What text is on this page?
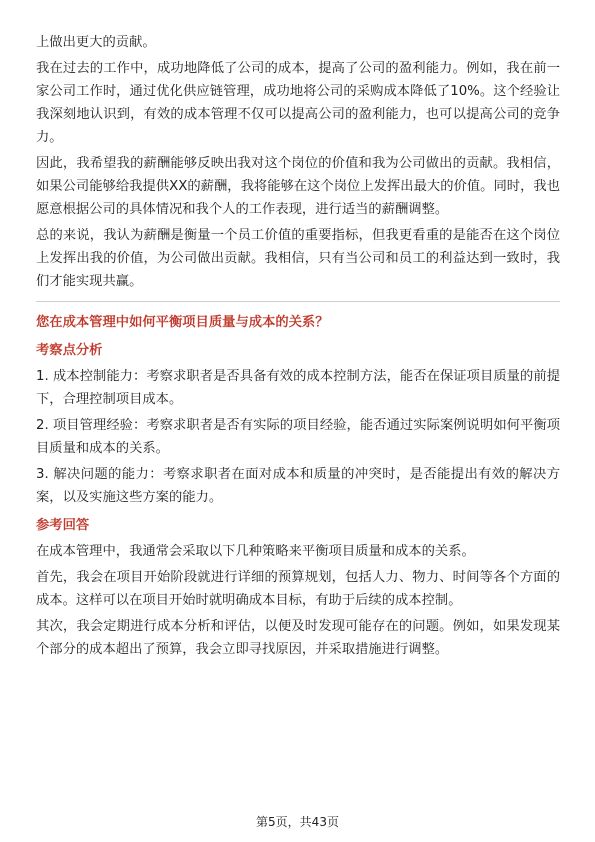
上做出更大的贡献。

我在过去的工作中，成功地降低了公司的成本，提高了公司的盈利能力。例如，我在前一家公司工作时，通过优化供应链管理，成功地将公司的采购成本降低了10%。这个经验让我深刻地认识到，有效的成本管理不仅可以提高公司的盈利能力，也可以提高公司的竞争力。

因此，我希望我的薪酬能够反映出我对这个岗位的价值和我为公司做出的贡献。我相信，如果公司能够给我提供XX的薪酬，我将能够在这个岗位上发挥出最大的价值。同时，我也愿意根据公司的具体情况和我个人的工作表现，进行适当的薪酬调整。

总的来说，我认为薪酬是衡量一个员工价值的重要指标，但我更看重的是能否在这个岗位上发挥出我的价值，为公司做出贡献。我相信，只有当公司和员工的利益达到一致时，我们才能实现共赢。

您在成本管理中如何平衡项目质量与成本的关系？
考察点分析

1. 成本控制能力：考察求职者是否具备有效的成本控制方法，能否在保证项目质量的前提下，合理控制项目成本。

2. 项目管理经验：考察求职者是否有实际的项目经验，能否通过实际案例说明如何平衡项目质量和成本的关系。

3. 解决问题的能力：考察求职者在面对成本和质量的冲突时，是否能提出有效的解决方案，以及实施这些方案的能力。

参考回答

在成本管理中，我通常会采取以下几种策略来平衡项目质量和成本的关系。

首先，我会在项目开始阶段就进行详细的预算规划，包括人力、物力、时间等各个方面的成本。这样可以在项目开始时就明确成本目标，有助于后续的成本控制。

其次，我会定期进行成本分析和评估，以便及时发现可能存在的问题。例如，如果发现某个部分的成本超出了预算，我会立即寻找原因，并采取措施进行调整。

第5页，共43页
